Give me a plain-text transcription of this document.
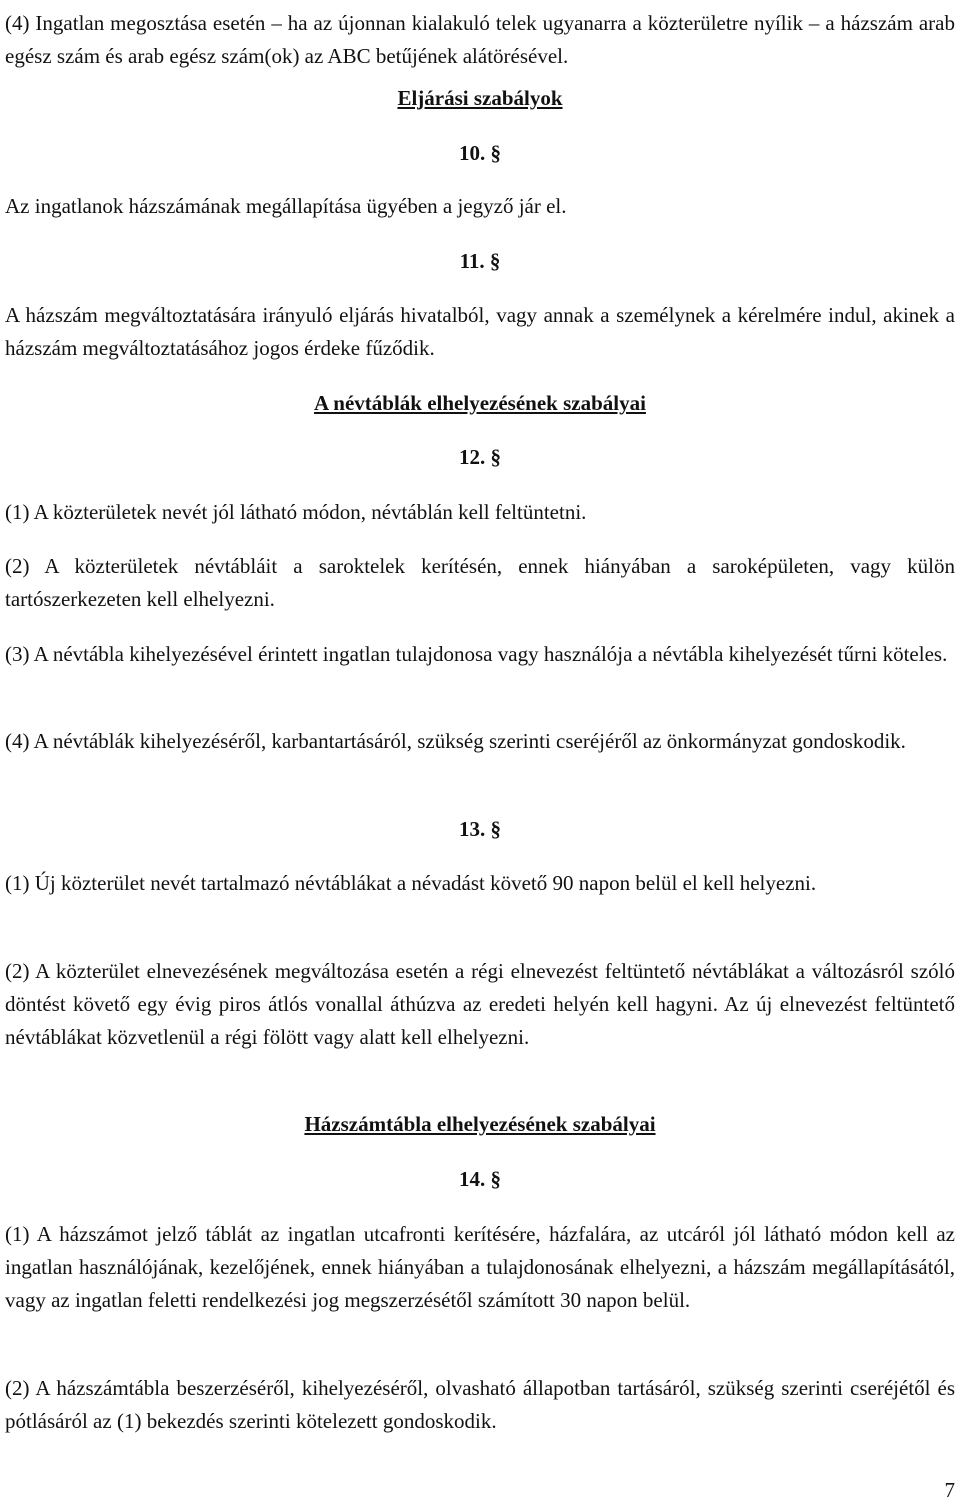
(4) Ingatlan megosztása esetén – ha az újonnan kialakuló telek ugyanarra a közterületre nyílik – a házszám arab egész szám és arab egész szám(ok) az ABC betűjének alátörésével.

Eljárási szabályok

10. §

Az ingatlanok házszámának megállapítása ügyében a jegyző jár el.

11. §

A házszám megváltoztatására irányuló eljárás hivatalból, vagy annak a személynek a kérelmére indul, akinek a házszám megváltoztatásához jogos érdeke fűződik.

A névtáblák elhelyezésének szabályai

12. §

(1) A közterületek nevét jól látható módon, névtáblán kell feltüntetni.

(2) A közterületek névtábláit a saroktelek kerítésén, ennek hiányában a saroképületen, vagy külön tartószerkezeten kell elhelyezni.

(3) A névtábla kihelyezésével érintett ingatlan tulajdonosa vagy használója a névtábla kihelyezését tűrni köteles.

(4) A névtáblák kihelyezéséről, karbantartásáról, szükség szerinti cseréjéről az önkormányzat gondoskodik.

13. §

(1) Új közterület nevét tartalmazó névtáblákat a névadást követő 90 napon belül el kell helyezni.

(2) A közterület elnevezésének megváltozása esetén a régi elnevezést feltüntető névtáblákat a változásról szóló döntést követő egy évig piros átlós vonallal áthúzva az eredeti helyén kell hagyni. Az új elnevezést feltüntető névtáblákat közvetlenül a régi fölött vagy alatt kell elhelyezni.

Házszámtábla elhelyezésének szabályai

14. §

(1) A házszámot jelző táblát az ingatlan utcafronti kerítésére, házfalára, az utcáról jól látható módon kell az ingatlan használójának, kezelőjének, ennek hiányában a tulajdonosának elhelyezni, a házszám megállapításától, vagy az ingatlan feletti rendelkezési jog megszerzésétől számított 30 napon belül.

(2) A házszámtábla beszerzéséről, kihelyezéséről, olvasható állapotban tartásáról, szükség szerinti cseréjétől és pótlásáról az (1) bekezdés szerinti kötelezett gondoskodik.

7
